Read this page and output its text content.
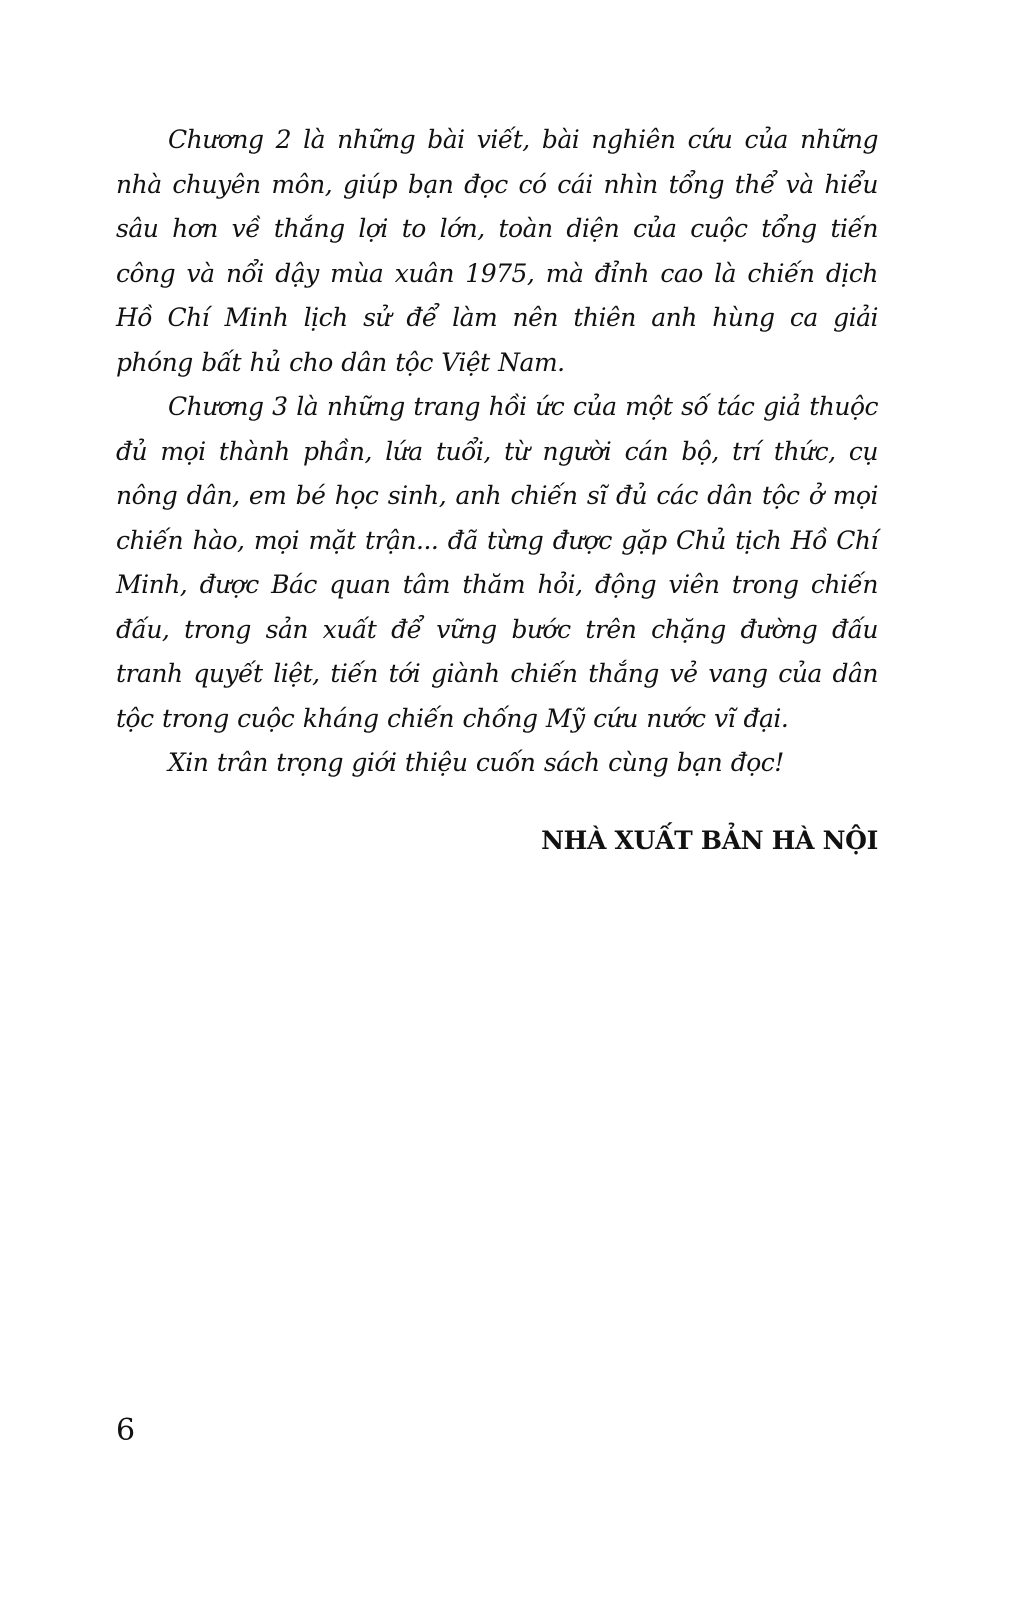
Chương 2 là những bài viết, bài nghiên cứu của những nhà chuyên môn, giúp bạn đọc có cái nhìn tổng thể và hiểu sâu hơn về thắng lợi to lớn, toàn diện của cuộc tổng tiến công và nổi dậy mùa xuân 1975, mà đỉnh cao là chiến dịch Hồ Chí Minh lịch sử để làm nên thiên anh hùng ca giải phóng bất hủ cho dân tộc Việt Nam.

Chương 3 là những trang hồi ức của một số tác giả thuộc đủ mọi thành phần, lứa tuổi, từ người cán bộ, trí thức, cụ nông dân, em bé học sinh, anh chiến sĩ đủ các dân tộc ở mọi chiến hào, mọi mặt trận... đã từng được gặp Chủ tịch Hồ Chí Minh, được Bác quan tâm thăm hỏi, động viên trong chiến đấu, trong sản xuất để vững bước trên chặng đường đấu tranh quyết liệt, tiến tới giành chiến thắng vẻ vang của dân tộc trong cuộc kháng chiến chống Mỹ cứu nước vĩ đại.

Xin trân trọng giới thiệu cuốn sách cùng bạn đọc!

NHÀ XUẤT BẢN HÀ NỘI
6
